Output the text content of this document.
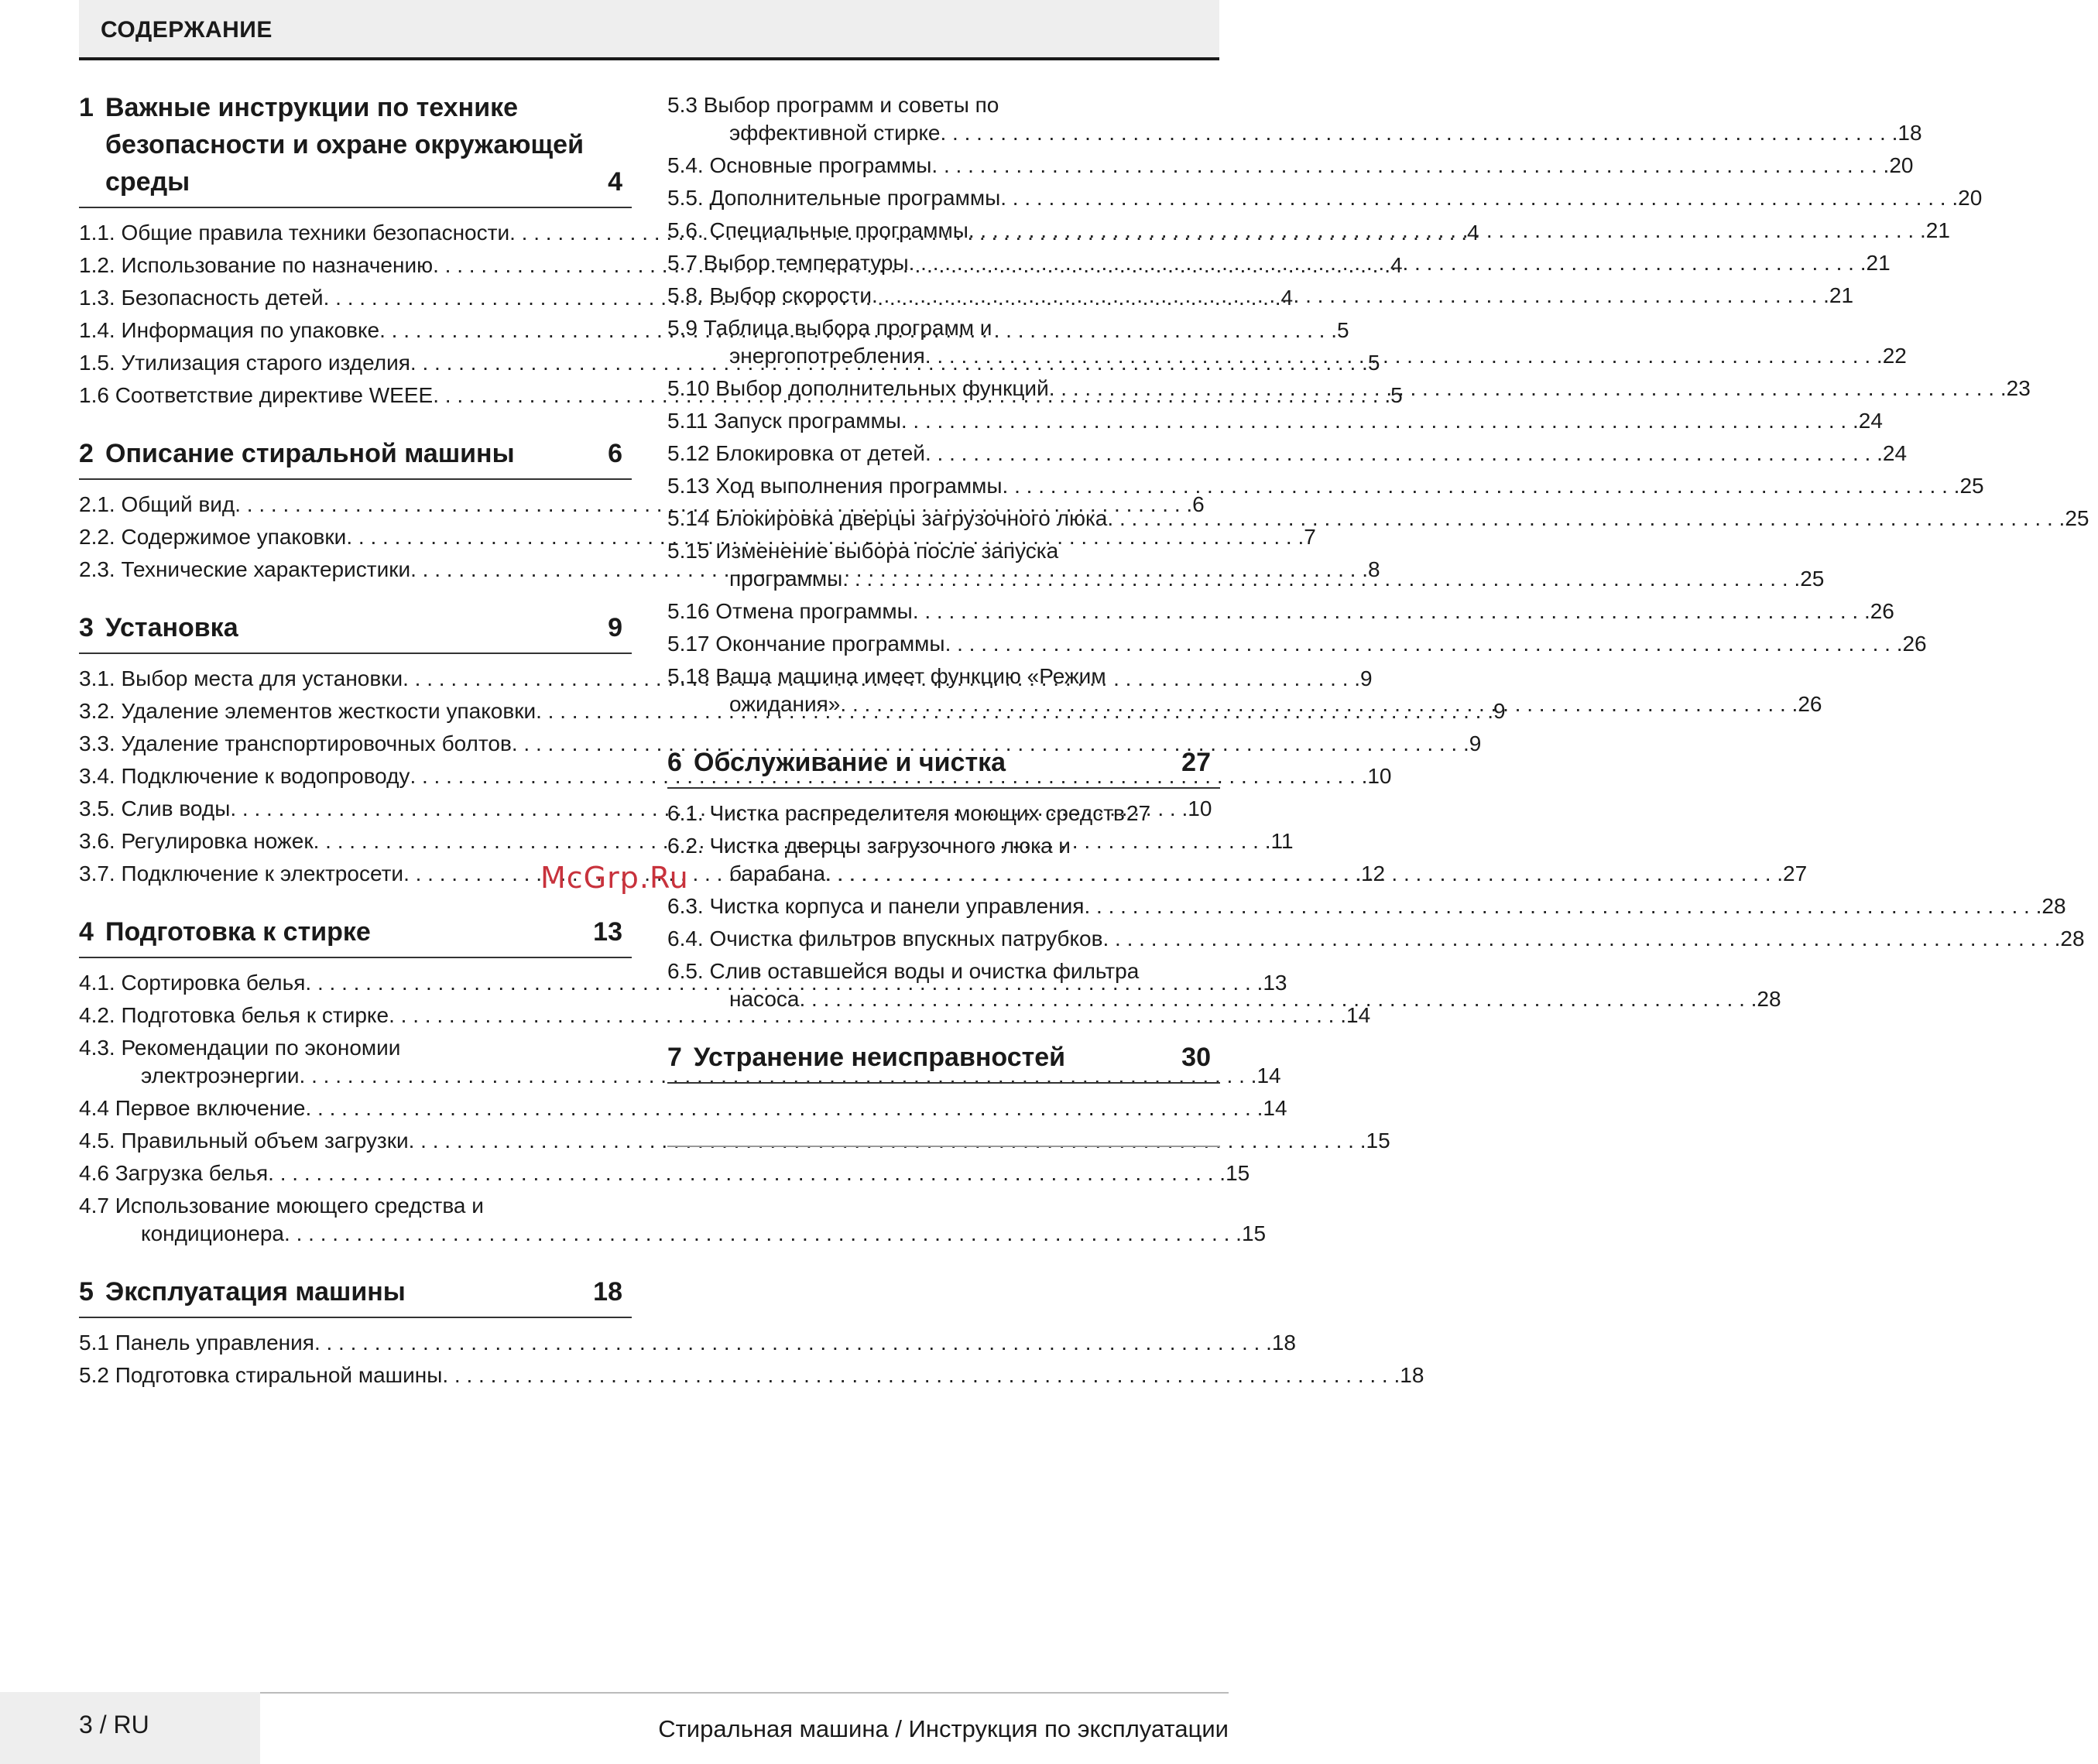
СОДЕРЖАНИЕ
1 Важные инструкции по технике
безопасности и охране окружающей
среды	4
1.1. Общие правила техники безопасности . . .	4
1.2. Использование по назначению . . .	4
1.3. Безопасность детей . . .	4
1.4. Информация по упаковке . . .	5
1.5. Утилизация старого изделия . . .	5
1.6 Соответствие директиве WEEE . . .	5
2 Описание стиральной машины	6
2.1. Общий вид . . .	6
2.2. Содержимое упаковки . . .	7
2.3. Технические характеристики . . .	8
3 Установка	9
3.1. Выбор места для установки . . .	9
3.2. Удаление элементов жесткости упаковки . . .	9
3.3. Удаление транспортировочных болтов . . .	9
3.4. Подключение к водопроводу . . .	10
3.5. Слив воды . . .	10
3.6. Регулировка ножек . . .	11
3.7. Подключение к электросети . . .	12
4 Подготовка к стирке	13
4.1. Сортировка белья . . .	13
4.2. Подготовка белья к стирке . . .	14
4.3. Рекомендации по экономии
электроэнергии . . .	14
4.4 Первое включение . . .	14
4.5. Правильный объем загрузки . . .	15
4.6 Загрузка белья . . .	15
4.7 Использование моющего средства и
кондиционера . . .	15
5 Эксплуатация машины	18
5.1 Панель управления . . .	18
5.2 Подготовка стиральной машины . . .	18
5.3 Выбор программ и советы по
эффективной стирке . . .	18
5.4. Основные программы . . .	20
5.5. Дополнительные программы . . .	20
5.6. Специальные программы . . .	21
5.7 Выбор температуры . . .	21
5.8. Выбор скорости . . .	21
5.9 Таблица выбора программ и
энергопотребления . . .	22
5.10 Выбор дополнительных функций . . .	23
5.11 Запуск программы . . .	24
5.12 Блокировка от детей . . .	24
5.13 Ход выполнения программы . . .	25
5.14 Блокировка дверцы загрузочного люка . . .	25
5.15 Изменение выбора после запуска
программы . . .	25
5.16 Отмена программы . . .	26
5.17 Окончание программы . . .	26
5.18 Ваша машина имеет функцию «Режим
ожидания» . . .	26
6 Обслуживание и чистка	27
6.1. Чистка распределителя моющих средств . . . 27
6.2. Чистка дверцы загрузочного люка и
барабана . . .	27
6.3. Чистка корпуса и панели управления . . .	28
6.4. Очистка фильтров впускных патрубков . . .	28
6.5. Слив оставшейся воды и очистка фильтра
насоса . . .	28
7 Устранение неисправностей	30
McGrp.Ru
3 / RU	Стиральная машина / Инструкция по эксплуатации
